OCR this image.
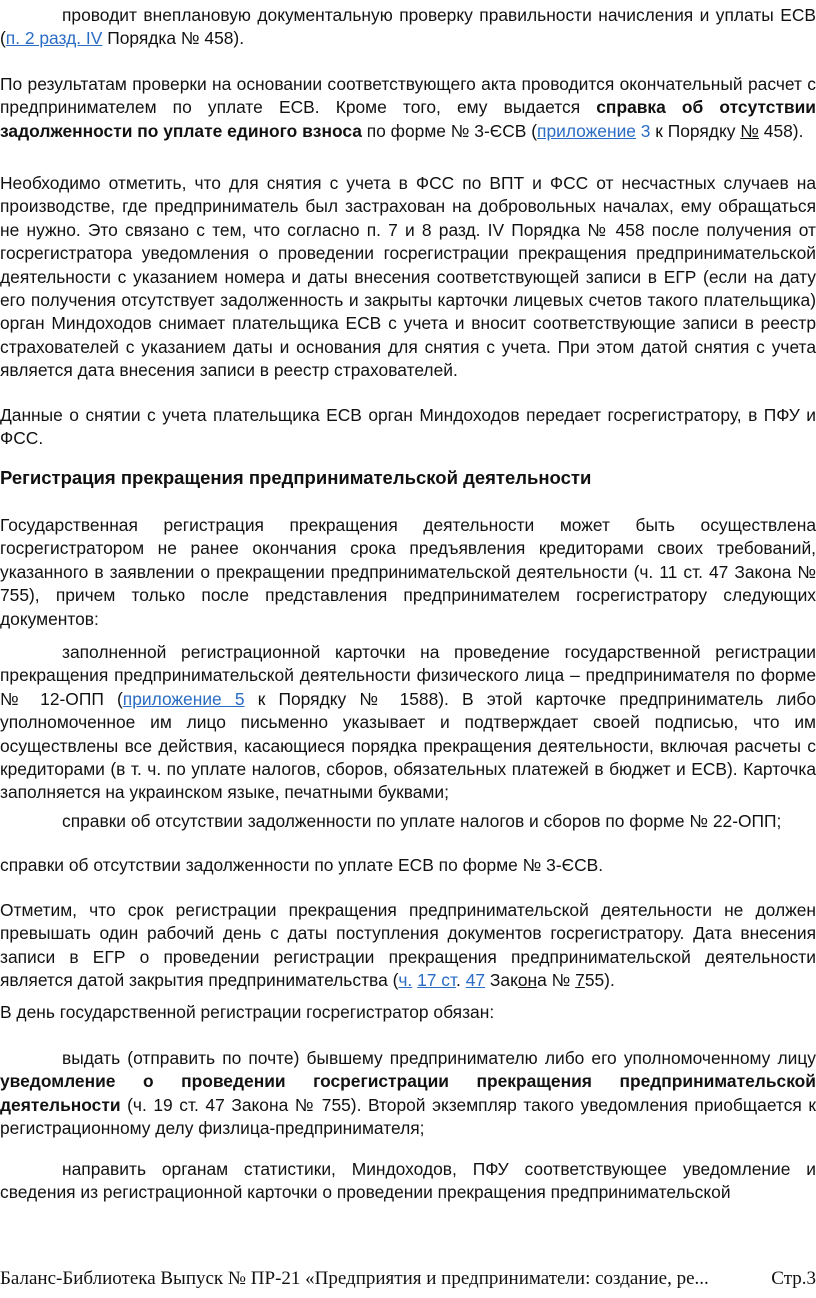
проводит внеплановую документальную проверку правильности начисления и уплаты ЕСВ (п. 2 разд. IV Порядка № 458).

По результатам проверки на основании соответствующего акта проводится окончательный расчет с предпринимателем по уплате ЕСВ. Кроме того, ему выдается справка об отсутствии задолженности по уплате единого взноса по форме № 3-ЄСВ (приложение 3 к Порядку № 458).

Необходимо отметить, что для снятия с учета в ФСС по ВПТ и ФСС от несчастных случаев на производстве, где предприниматель был застрахован на добровольных началах, ему обращаться не нужно. Это связано с тем, что согласно п. 7 и 8 разд. IV Порядка № 458 после получения от госрегистратора уведомления о проведении госрегистрации прекращения предпринимательской деятельности с указанием номера и даты внесения соответствующей записи в ЕГР (если на дату его получения отсутствует задолженность и закрыты карточки лицевых счетов такого плательщика) орган Миндоходов снимает плательщика ЕСВ с учета и вносит соответствующие записи в реестр страхователей с указанием даты и основания для снятия с учета. При этом датой снятия с учета является дата внесения записи в реестр страхователей.

Данные о снятии с учета плательщика ЕСВ орган Миндоходов передает госрегистратору, в ПФУ и ФСС.

Регистрация прекращения предпринимательской деятельности

Государственная регистрация прекращения деятельности может быть осуществлена госрегистратором не ранее окончания срока предъявления кредиторами своих требований, указанного в заявлении о прекращении предпринимательской деятельности (ч. 11 ст. 47 Закона № 755), причем только после представления предпринимателем госрегистратору следующих документов:

заполненной регистрационной карточки на проведение государственной регистрации прекращения предпринимательской деятельности физического лица – предпринимателя по форме № 12-ОПП (приложение 5 к Порядку № 1588). В этой карточке предприниматель либо уполномоченное им лицо письменно указывает и подтверждает своей подписью, что им осуществлены все действия, касающиеся порядка прекращения деятельности, включая расчеты с кредиторами (в т. ч. по уплате налогов, сборов, обязательных платежей в бюджет и ЕСВ). Карточка заполняется на украинском языке, печатными буквами;

справки об отсутствии задолженности по уплате налогов и сборов по форме № 22-ОПП;

справки об отсутствии задолженности по уплате ЕСВ по форме № 3-ЄСВ.

Отметим, что срок регистрации прекращения предпринимательской деятельности не должен превышать один рабочий день с даты поступления документов госрегистратору. Дата внесения записи в ЕГР о проведении регистрации прекращения предпринимательской деятельности является датой закрытия предпринимательства (ч. 17 ст. 47 Закона № 755).

В день государственной регистрации госрегистратор обязан:

выдать (отправить по почте) бывшему предпринимателю либо его уполномоченному лицу уведомление о проведении госрегистрации прекращения предпринимательской деятельности (ч. 19 ст. 47 Закона № 755). Второй экземпляр такого уведомления приобщается к регистрационному делу физлица-предпринимателя;

направить органам статистики, Миндоходов, ПФУ соответствующее уведомление и сведения из регистрационной карточки о проведении прекращения предпринимательской

Баланс-Библиотека Выпуск № ПР-21 «Предприятия и предприниматели: создание, ре...	Стр.3
